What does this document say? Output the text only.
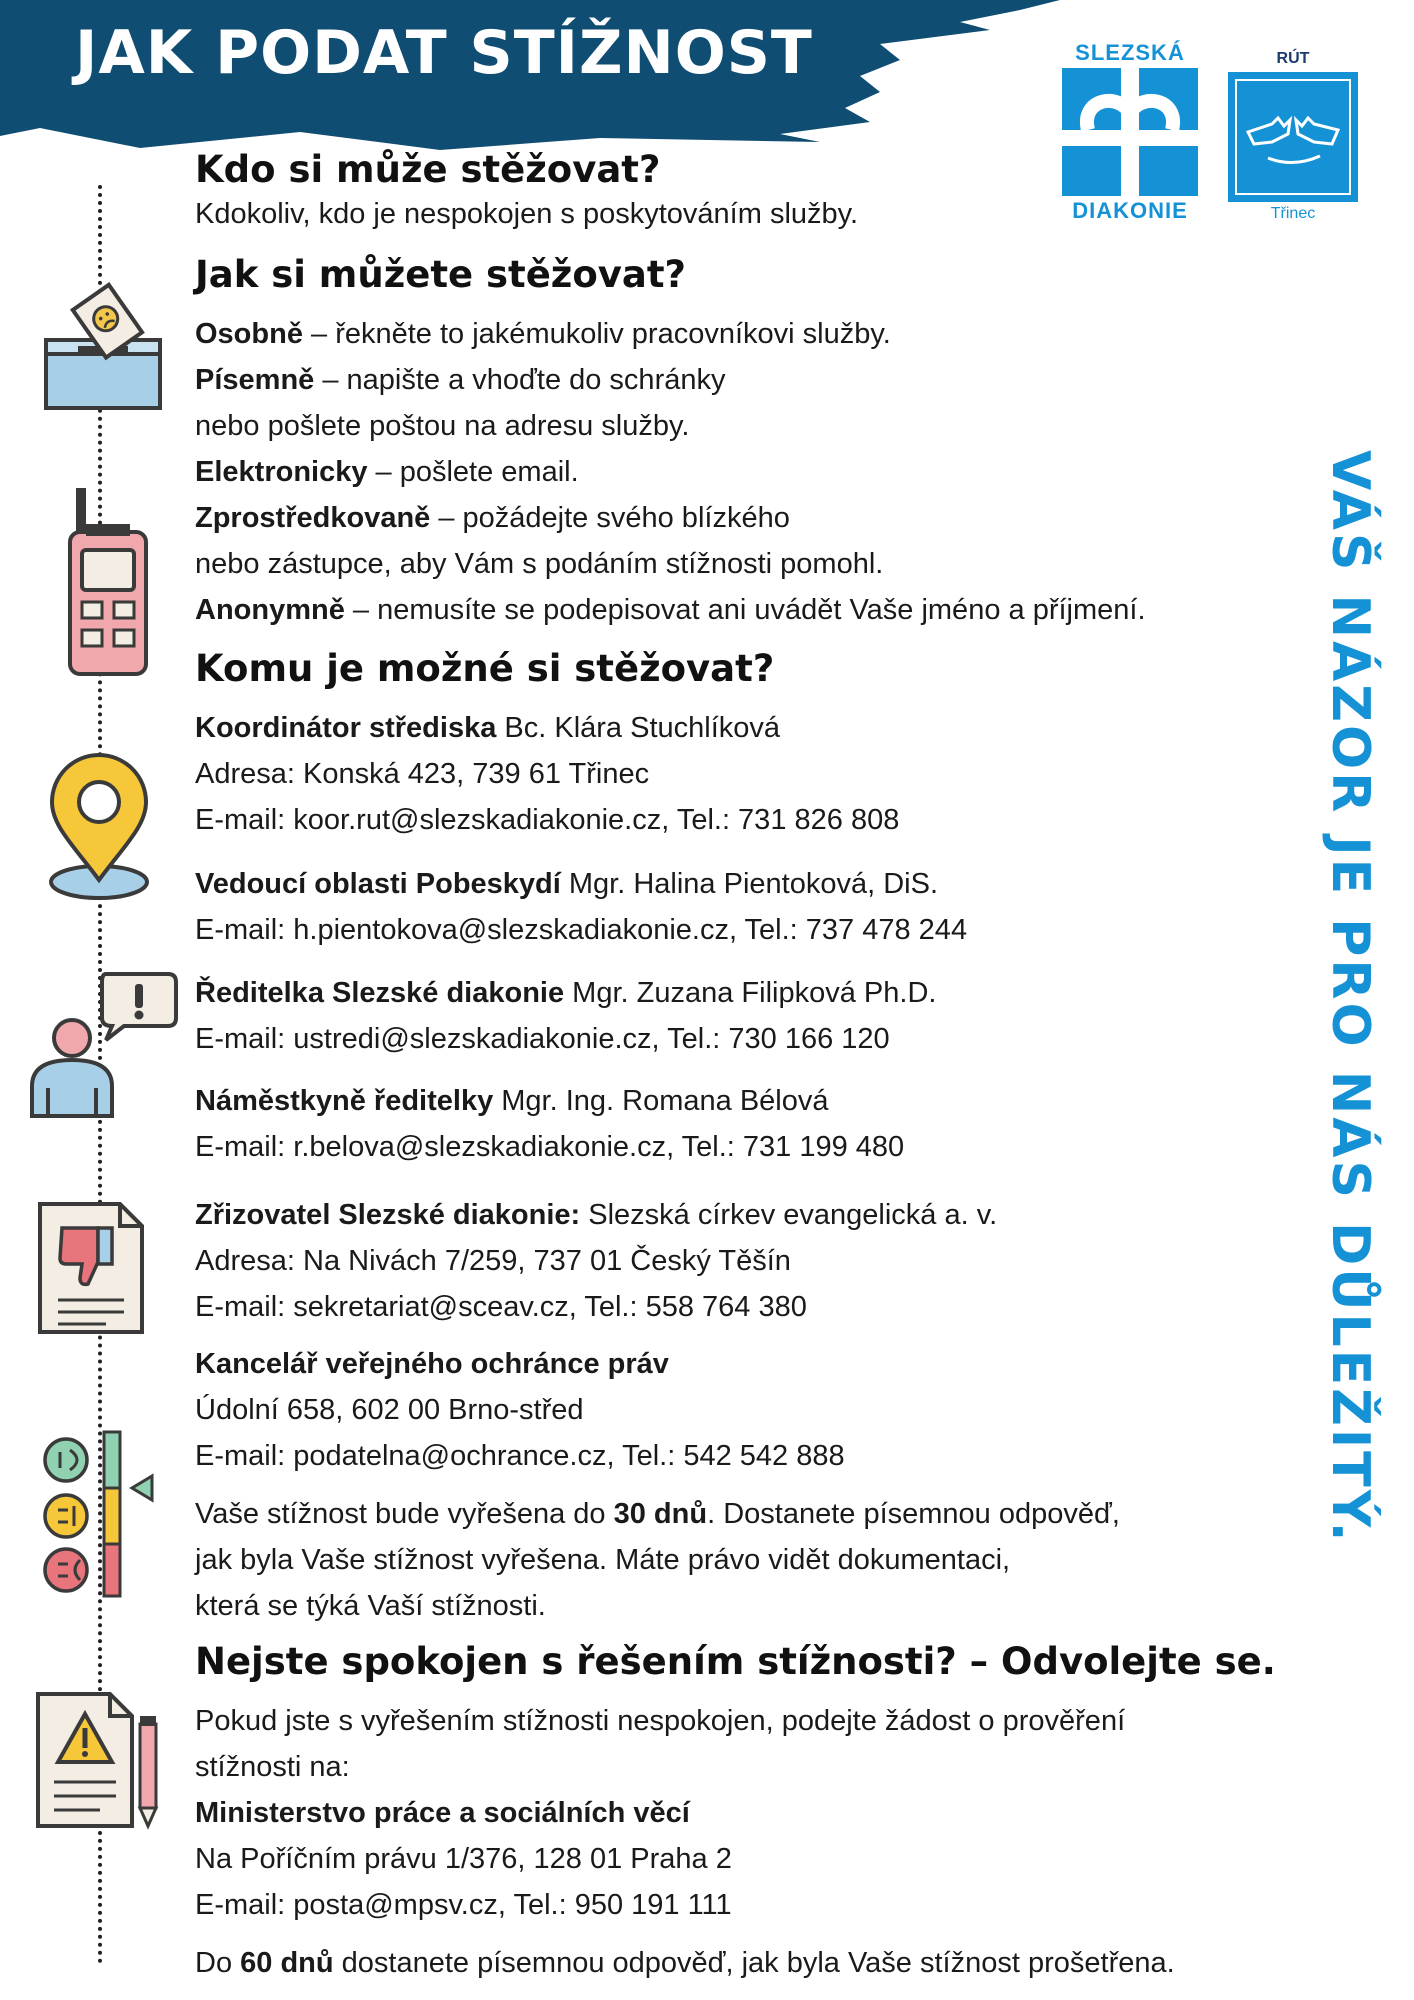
JAK PODAT STÍŽNOST	SLEZSKÁ
DIAKONIE
RÚT
Třinec
VÁŠ NÁZOR JE PRO NÁS DŮLEŽITÝ.
Kdo si může stěžovat?

Kdokoliv, kdo je nespokojen s poskytováním služby.

Jak si můžete stěžovat?

Osobně – řekněte to jakémukoliv pracovníkovi služby.

Písemně – napište a vhoďte do schránky

nebo pošlete poštou na adresu služby.

Elektronicky – pošlete email.

Zprostředkovaně – požádejte svého blízkého

nebo zástupce, aby Vám s podáním stížnosti pomohl.

Anonymně – nemusíte se podepisovat ani uvádět Vaše jméno a příjmení.

Komu je možné si stěžovat?

Koordinátor střediska Bc. Klára Stuchlíková

Adresa: Konská 423, 739 61 Třinec

E-mail: koor.rut@slezskadiakonie.cz, Tel.: 731 826 808

Vedoucí oblasti Pobeskydí Mgr. Halina Pientoková, DiS.

E-mail: h.pientokova@slezskadiakonie.cz, Tel.: 737 478 244

Ředitelka Slezské diakonie Mgr. Zuzana Filipková Ph.D.

E-mail: ustredi@slezskadiakonie.cz, Tel.: 730 166 120

Náměstkyně ředitelky Mgr. Ing. Romana Bélová

E-mail: r.belova@slezskadiakonie.cz, Tel.: 731 199 480

Zřizovatel Slezské diakonie: Slezská církev evangelická a. v.

Adresa: Na Nivách 7/259, 737 01 Český Těšín

E-mail: sekretariat@sceav.cz, Tel.: 558 764 380

Kancelář veřejného ochránce práv

Údolní 658, 602 00 Brno-střed

E-mail: podatelna@ochrance.cz, Tel.: 542 542 888

Vaše stížnost bude vyřešena do 30 dnů. Dostanete písemnou odpověď,

jak byla Vaše stížnost vyřešena. Máte právo vidět dokumentaci,

která se týká Vaší stížnosti.

Nejste spokojen s řešením stížnosti? – Odvolejte se.

Pokud jste s vyřešením stížnosti nespokojen, podejte žádost o prověření

stížnosti na:

Ministerstvo práce a sociálních věcí

Na Poříčním právu 1/376, 128 01 Praha 2

E-mail: posta@mpsv.cz, Tel.: 950 191 111

Do 60 dnů dostanete písemnou odpověď, jak byla Vaše stížnost prošetřena.
